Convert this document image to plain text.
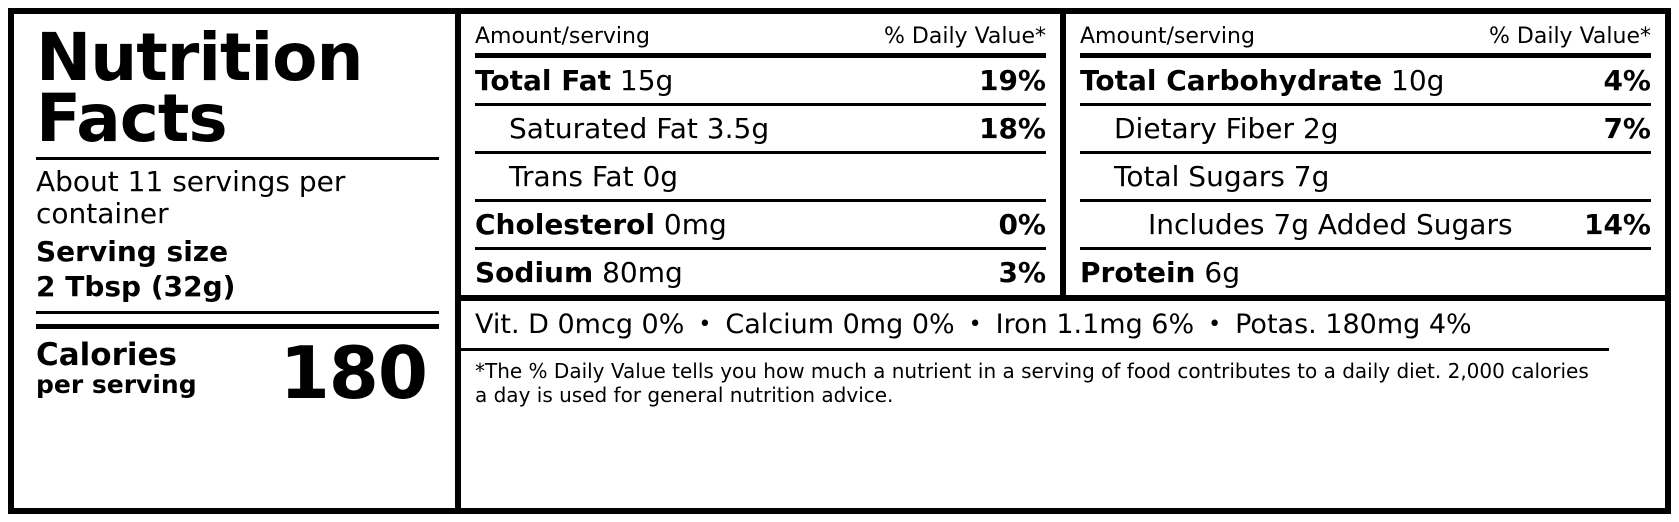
Nutrition Facts
About 11 servings per container
Serving size
2 Tbsp (32g)
Calories
per serving 180
Amount/serving	% Daily Value*
Total Fat 15g	19%
Saturated Fat 3.5g	18%
Trans Fat 0g
Cholesterol 0mg	0%
Sodium 80mg	3%
Amount/serving	% Daily Value*
Total Carbohydrate 10g	4%
Dietary Fiber 2g	7%
Total Sugars 7g
Includes 7g Added Sugars	14%
Protein 6g
Vit. D 0mcg 0% • Calcium 0mg 0% • Iron 1.1mg 6% • Potas. 180mg 4%
*The % Daily Value tells you how much a nutrient in a serving of food contributes to a daily diet. 2,000 calories a day is used for general nutrition advice.
